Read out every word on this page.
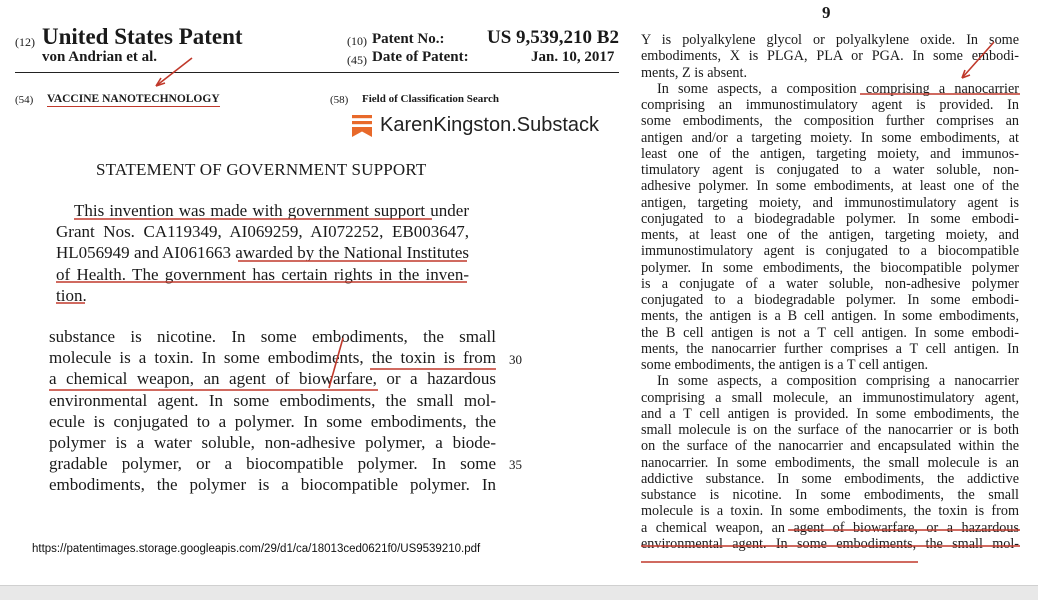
(12) United States Patent
von Andrian et al.
(10) Patent No.: US 9,539,210 B2
(45) Date of Patent:	Jan. 10, 2017
(54) VACCINE NANOTECHNOLOGY	(58) Field of Classification Search
KarenKingston.Substack
STATEMENT OF GOVERNMENT SUPPORT
This invention was made with government support under
Grant Nos. CA119349, AI069259, AI072252, EB003647,
HL056949 and AI061663 awarded by the National Institutes
of Health. The government has certain rights in the inven-
tion.
substance is nicotine. In some embodiments, the small
molecule is a toxin. In some embodiments, the toxin is from
a chemical weapon, an agent of biowarfare, or a hazardous
environmental agent. In some embodiments, the small mol-
ecule is conjugated to a polymer. In some embodiments, the
polymer is a water soluble, non-adhesive polymer, a biode-
gradable polymer, or a biocompatible polymer. In some
embodiments, the polymer is a biocompatible polymer. In
30
35
https://patentimages.storage.googleapis.com/29/d1/ca/18013ced0621f0/US9539210.pdf
9
Y is polyalkylene glycol or polyalkylene oxide. In some
embodiments, X is PLGA, PLA or PGA. In some embodi-
ments, Z is absent.
In some aspects, a composition comprising a nanocarrier
comprising an immunostimulatory agent is provided. In
some embodiments, the composition further comprises an
antigen and/or a targeting moiety. In some embodiments, at
least one of the antigen, targeting moiety, and immunos-
timulatory agent is conjugated to a water soluble, non-
adhesive polymer. In some embodiments, at least one of the
antigen, targeting moiety, and immunostimulatory agent is
conjugated to a biodegradable polymer. In some embodi-
ments, at least one of the antigen, targeting moiety, and
immunostimulatory agent is conjugated to a biocompatible
polymer. In some embodiments, the biocompatible polymer
is a conjugate of a water soluble, non-adhesive polymer
conjugated to a biodegradable polymer. In some embodi-
ments, the antigen is a B cell antigen. In some embodiments,
the B cell antigen is not a T cell antigen. In some embodi-
ments, the nanocarrier further comprises a T cell antigen. In
some embodiments, the antigen is a T cell antigen.
In some aspects, a composition comprising a nanocarrier
comprising a small molecule, an immunostimulatory agent,
and a T cell antigen is provided. In some embodiments, the
small molecule is on the surface of the nanocarrier or is both
on the surface of the nanocarrier and encapsulated within the
nanocarrier. In some embodiments, the small molecule is an
addictive substance. In some embodiments, the addictive
substance is nicotine. In some embodiments, the small
molecule is a toxin. In some embodiments, the toxin is from
a chemical weapon, an agent of biowarfare, or a hazardous
environmental agent. In some embodiments, the small mol-
